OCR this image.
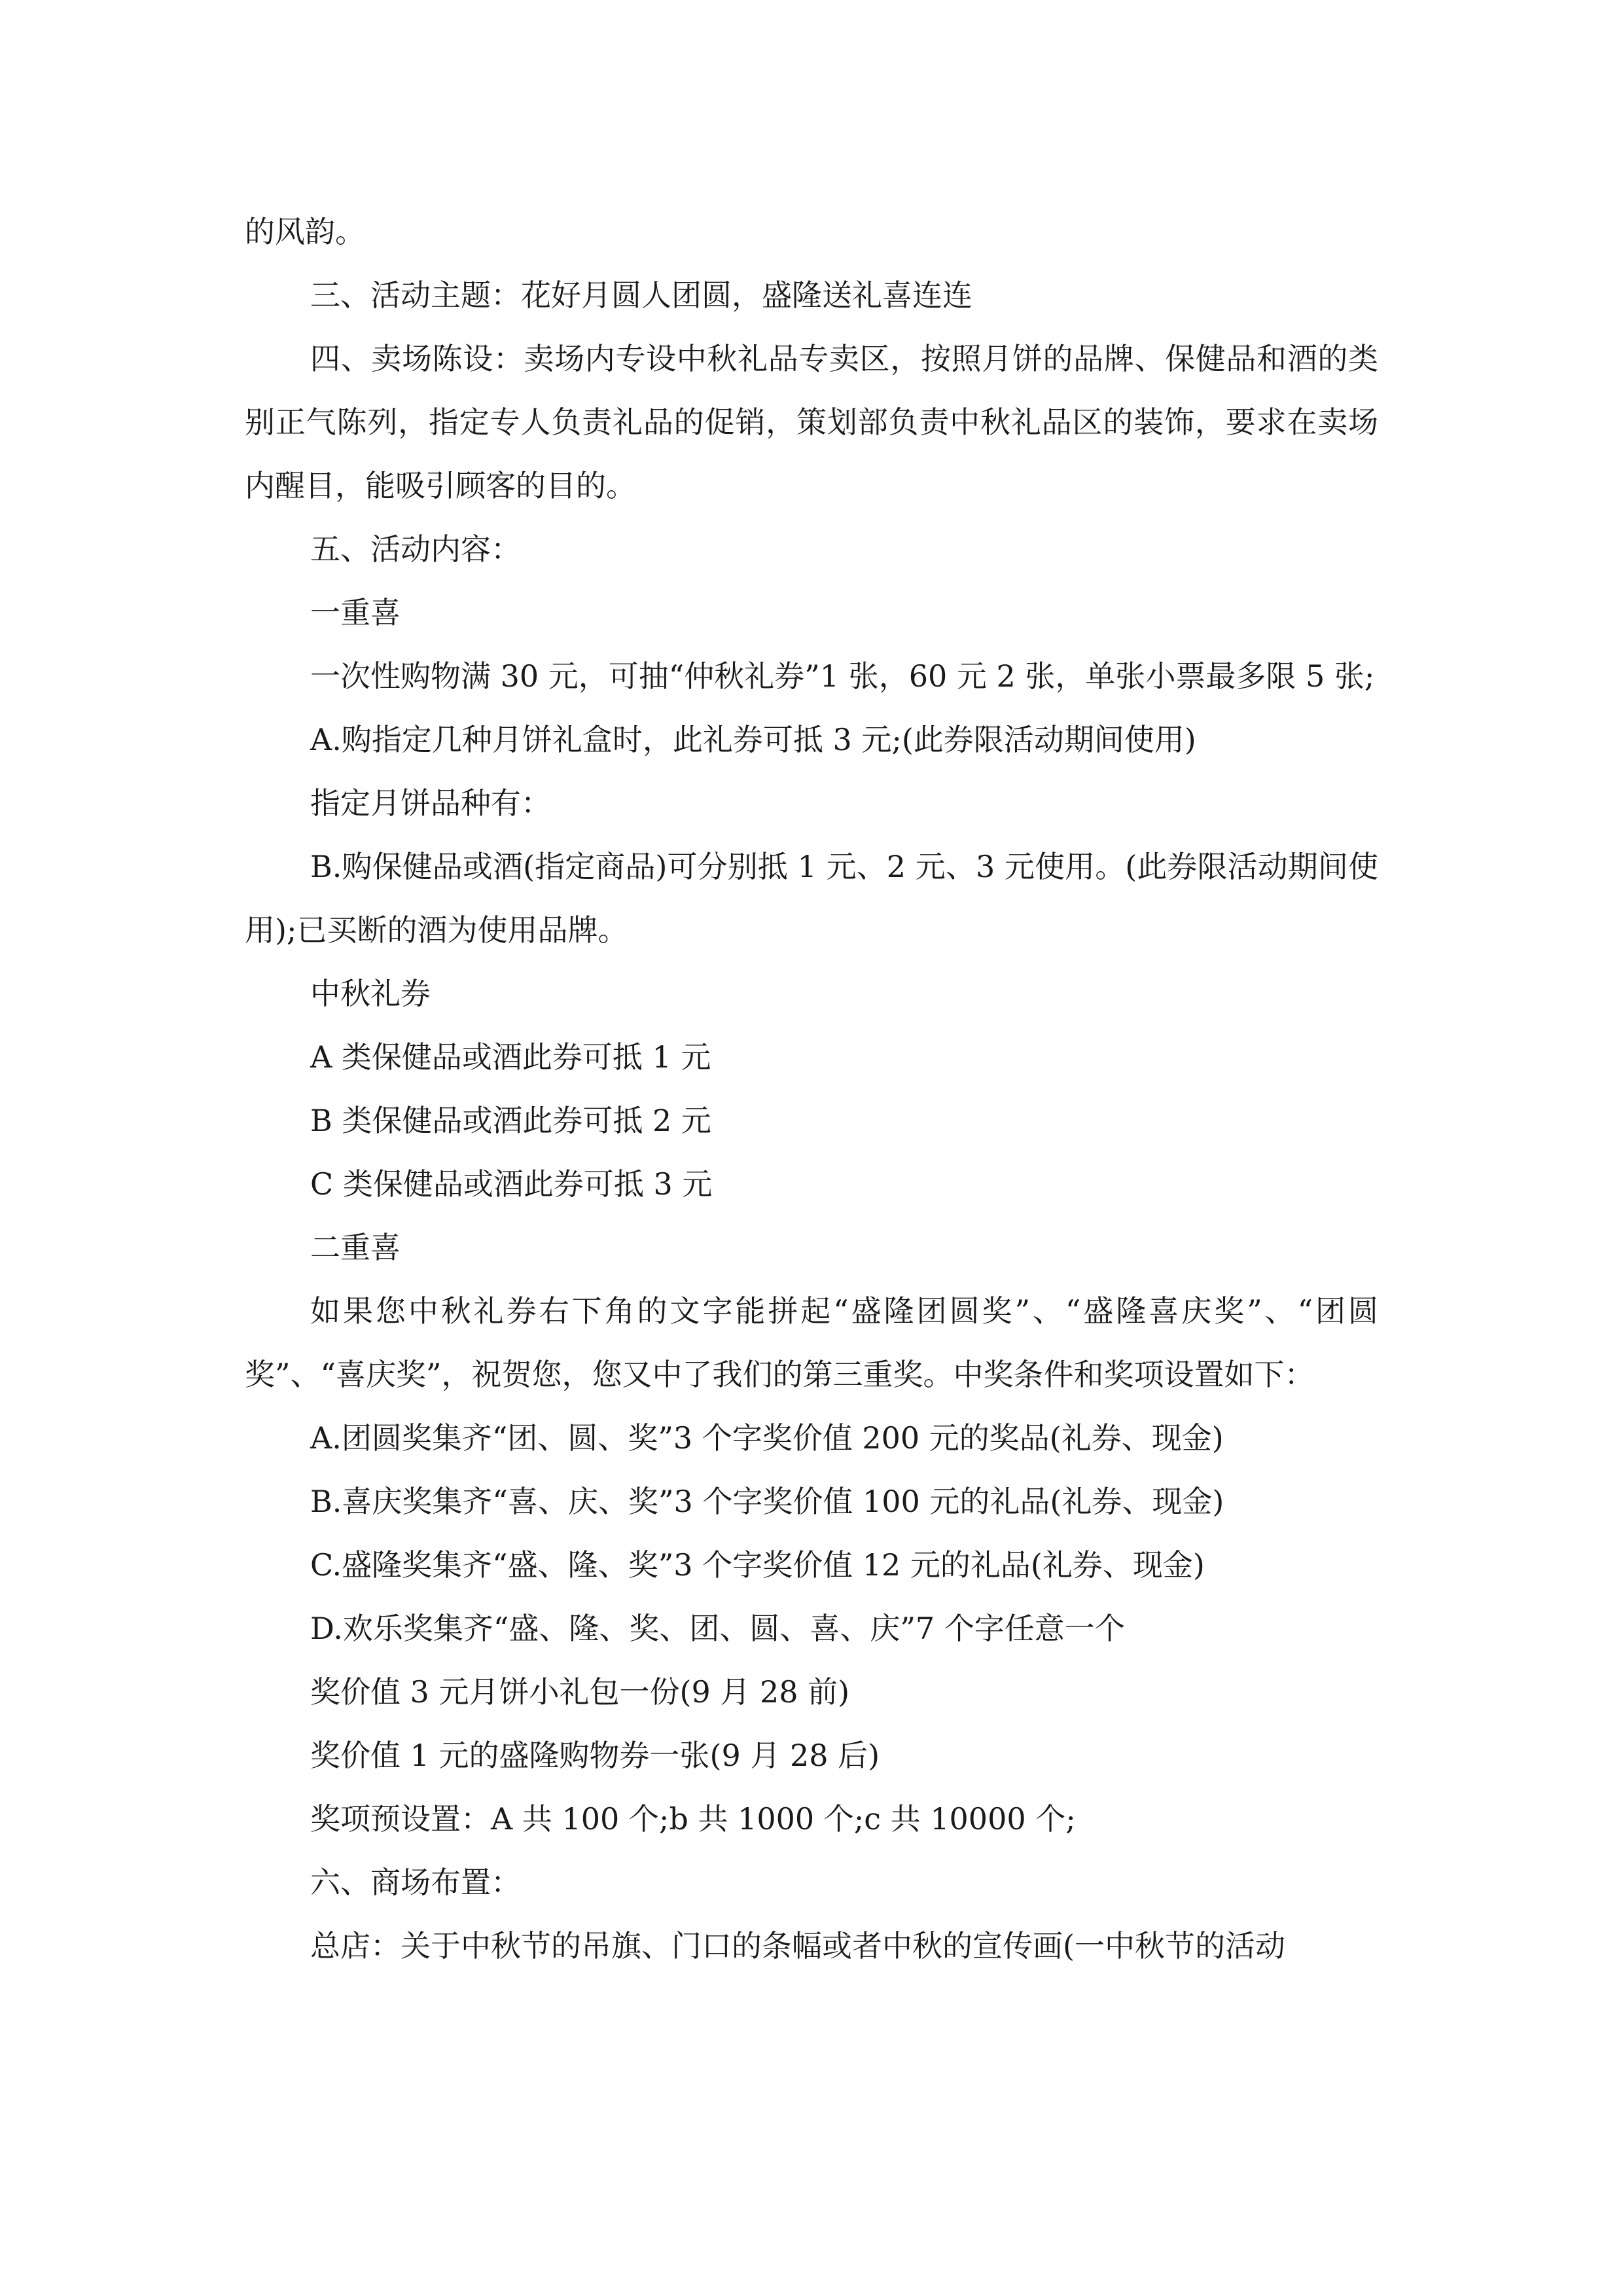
的风韵。

三、活动主题：花好月圆人团圆，盛隆送礼喜连连

四、卖场陈设：卖场内专设中秋礼品专卖区，按照月饼的品牌、保健品和酒的类别正气陈列，指定专人负责礼品的促销，策划部负责中秋礼品区的装饰，要求在卖场内醒目，能吸引顾客的目的。

五、活动内容：

一重喜

一次性购物满 30 元，可抽“仲秋礼券”1 张，60 元 2 张，单张小票最多限 5 张;

A.购指定几种月饼礼盒时，此礼券可抵 3 元;(此券限活动期间使用)

指定月饼品种有：

B.购保健品或酒(指定商品)可分别抵 1 元、2 元、3 元使用。(此券限活动期间使用);已买断的酒为使用品牌。

中秋礼券

A 类保健品或酒此券可抵 1 元

B 类保健品或酒此券可抵 2 元

C 类保健品或酒此券可抵 3 元

二重喜

如果您中秋礼券右下角的文字能拼起“盛隆团圆奖”、“盛隆喜庆奖”、“团圆奖”、“喜庆奖”，祝贺您，您又中了我们的第三重奖。中奖条件和奖项设置如下：

A.团圆奖集齐“团、圆、奖”3 个字奖价值 200 元的奖品(礼券、现金)

B.喜庆奖集齐“喜、庆、奖”3 个字奖价值 100 元的礼品(礼券、现金)

C.盛隆奖集齐“盛、隆、奖”3 个字奖价值 12 元的礼品(礼券、现金)

D.欢乐奖集齐“盛、隆、奖、团、圆、喜、庆”7 个字任意一个

奖价值 3 元月饼小礼包一份(9 月 28 前)

奖价值 1 元的盛隆购物券一张(9 月 28 后)

奖项预设置：A 共 100 个;b 共 1000 个;c 共 10000 个;

六、商场布置：

总店：关于中秋节的吊旗、门口的条幅或者中秋的宣传画(一中秋节的活动
